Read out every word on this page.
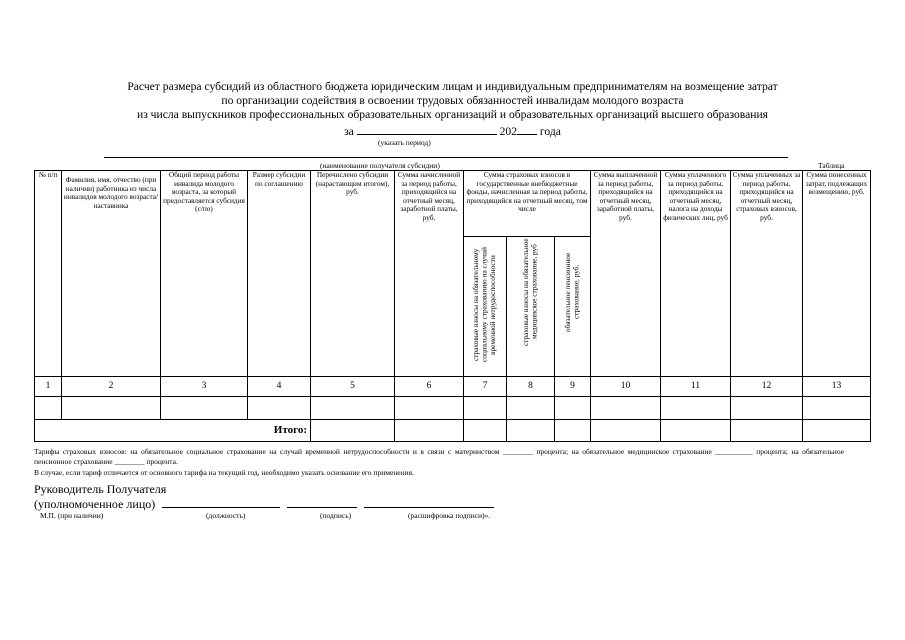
Расчет размера субсидий из областного бюджета юридическим лицам и индивидуальным предпринимателям на возмещение затрат
по организации содействия в освоении трудовых обязанностей инвалидам молодого возраста
из числа выпускников профессиональных образовательных организаций и образовательных организаций высшего образования
за	202 года
(указать период)
(наименование получателя субсидии)	Таблица
№ п/п	Фамилия, имя, отчество (при наличии) работника из числа инвалидов молодого возраста/наставника	Общий период работы инвалида молодого возраста, за который предоставляется субсидия (с/по)	Размер субсидии по соглашению	Перечислено субсидии (нарастающим итогом), руб.	Сумма начисленной за период работы, приходящийся на отчетный месяц, заработной платы, руб.	Сумма страховых взносов в государственные внебюджетные фонды, начисленная за период работы, приходящийся на отчетный месяц, том числе			Сумма выплаченной за период работы, приходящийся на отчетный месяц, заработной платы, руб.	Сумма уплаченного за период работы, приходящийся на отчетный месяц, налога на доходы физических лиц, руб	Сумма уплаченных за период работы, приходящийся на отчетный месяц, страховых взносов, руб.	Сумма понесенных затрат, подлежащих возмещению, руб.
						страховые взносы на обязательному социальному страхованию на случай временной нетрудоспособности	страховые взносы на обязательное медицинское страхование, руб	обязательное пенсионное страхование, руб.				
1	2	3	4	5	6	7	8	9	10	11	12	13

Итого:												
Тарифы страховых взносов: на обязательное социальное страхование на случай временной нетрудоспособности и в связи с материнством ________ процента; на обязательное медицинское страхование __________ процента; на обязательное пенсионное страхование ________ процента.
В случае, если тариф отличается от основного тарифа на текущий год, необходимо указать основание его применения.
Руководитель Получателя
(уполномоченное лицо)
М.П. (при наличии)	(должность)	(подпись)	(расшифровка подписи)».
